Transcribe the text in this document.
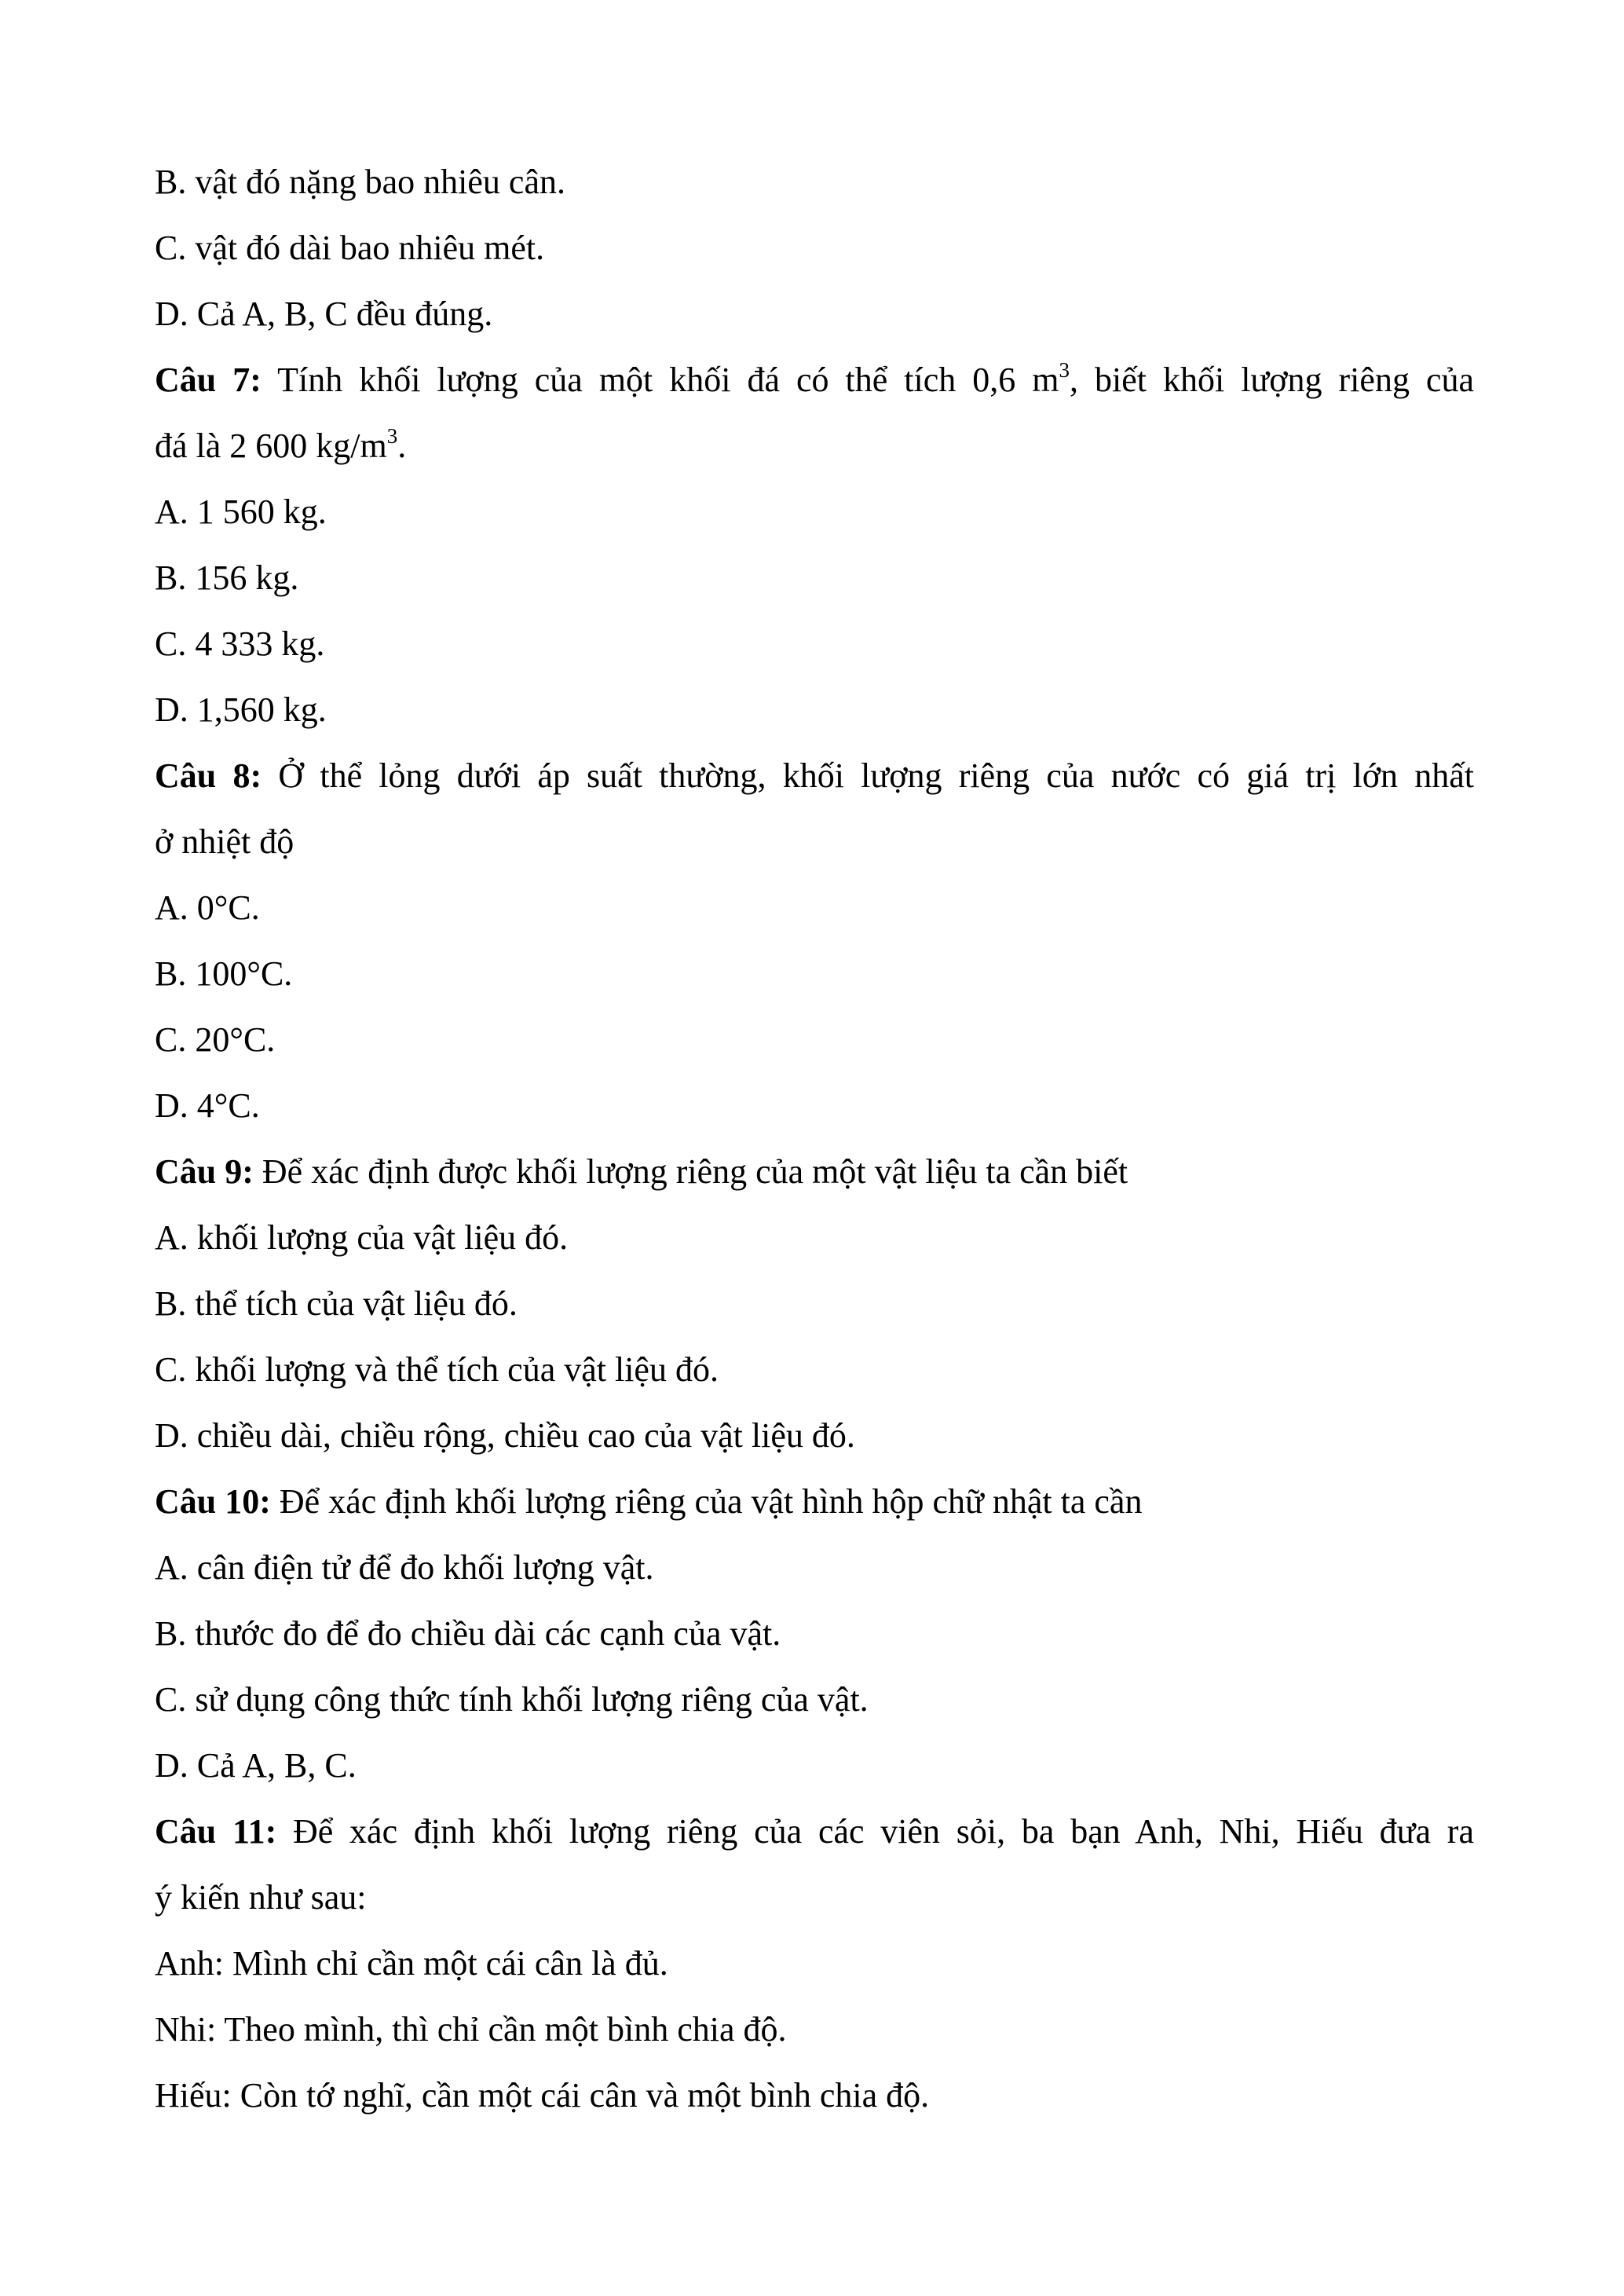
B. vật đó nặng bao nhiêu cân.

C. vật đó dài bao nhiêu mét.

D. Cả A, B, C đều đúng.

Câu 7: Tính khối lượng của một khối đá có thể tích 0,6 $m^3$, biết khối lượng riêng của

đá là 2 600 $kg/m^3$.

A. 1 560 kg.

B. 156 kg.

C. 4 333 kg.

D. 1,560 kg.

Câu 8: Ở thể lỏng dưới áp suất thường, khối lượng riêng của nước có giá trị lớn nhất

ở nhiệt độ

A. 0°C.

B. 100°C.

C. 20°C.

D. 4°C.

Câu 9: Để xác định được khối lượng riêng của một vật liệu ta cần biết

A. khối lượng của vật liệu đó.

B. thể tích của vật liệu đó.

C. khối lượng và thể tích của vật liệu đó.

D. chiều dài, chiều rộng, chiều cao của vật liệu đó.

Câu 10: Để xác định khối lượng riêng của vật hình hộp chữ nhật ta cần

A. cân điện tử để đo khối lượng vật.

B. thước đo để đo chiều dài các cạnh của vật.

C. sử dụng công thức tính khối lượng riêng của vật.

D. Cả A, B, C.

Câu 11: Để xác định khối lượng riêng của các viên sỏi, ba bạn Anh, Nhi, Hiếu đưa ra

ý kiến như sau:

Anh: Mình chỉ cần một cái cân là đủ.

Nhi: Theo mình, thì chỉ cần một bình chia độ.

Hiếu: Còn tớ nghĩ, cần một cái cân và một bình chia độ.
